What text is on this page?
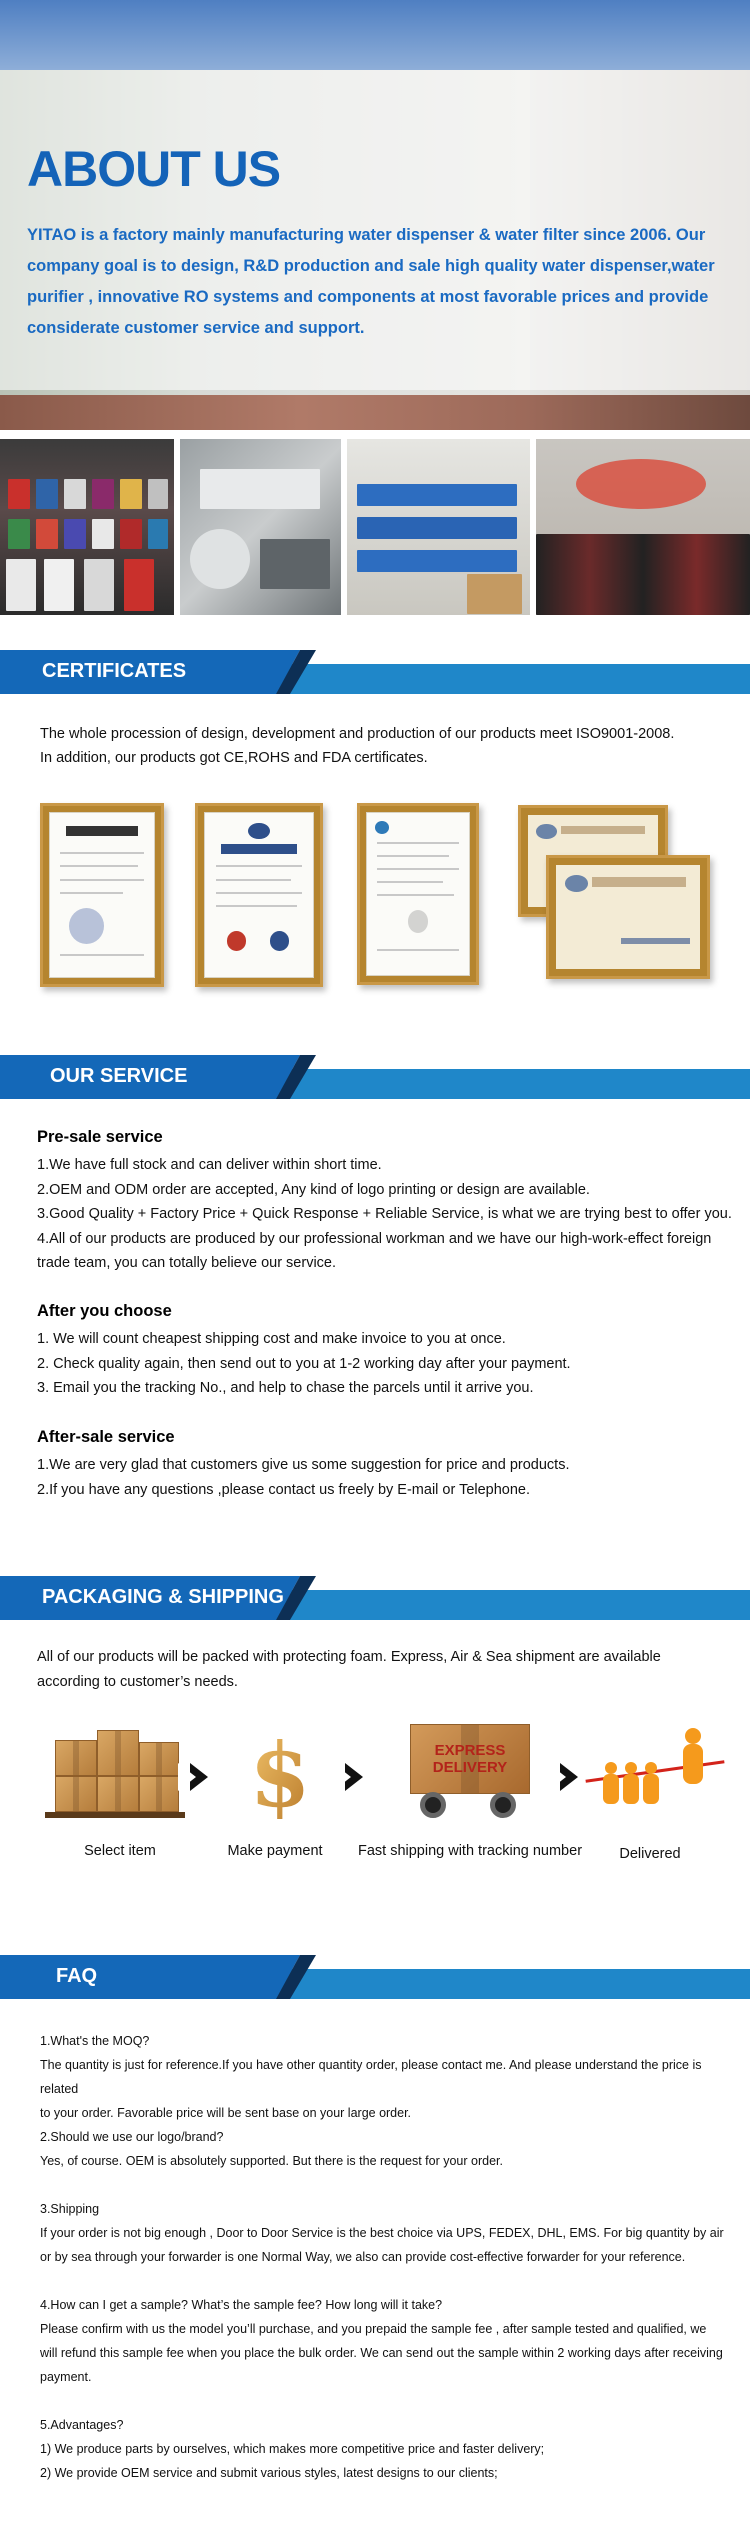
ABOUT US

YITAO is a factory mainly manufacturing water dispenser & water filter since 2006. Our company goal is to design, R&D production and sale high quality water dispenser,water purifier , innovative RO systems and components at most favorable prices and provide considerate customer service and support.

CERTIFICATES
The whole procession of design, development and production of our products meet ISO9001-2008.
In addition, our products got CE,ROHS and FDA certificates.
OUR SERVICE
Pre-sale service
1.We have full stock and can deliver within short time.
2.OEM and ODM order are accepted, Any kind of logo printing or design are available.
3.Good Quality + Factory Price + Quick Response + Reliable Service, is what we are trying best to offer you.
4.All of our products are produced by our professional workman and we have our high-work-effect foreign
trade team, you can totally believe our service.
After you choose
1. We will count cheapest shipping cost and make invoice to you at once.
2. Check quality again, then send out to you at 1-2 working day after your payment.
3. Email you the tracking No., and help to chase the parcels until it arrive you.
After-sale service
1.We are very glad that customers give us some suggestion for price and products.
2.If you have any questions ,please contact us freely by E-mail or Telephone.
PACKAGING & SHIPPING
All of our products will be packed with protecting foam. Express, Air & Sea shipment are available
according to customer’s needs.
$	EXPRESS
DELIVERY
Select item	Make payment	Fast shipping with tracking number	Delivered
FAQ
1.What's the MOQ?
The quantity is just for reference.If you have other quantity order, please contact me. And please understand the price is related
to your order. Favorable price will be sent base on your large order.
2.Should we use our logo/brand?
Yes, of course. OEM is absolutely supported. But there is the request for your order.
3.Shipping
If your order is not big enough , Door to Door Service is the best choice via UPS, FEDEX, DHL, EMS. For big quantity by air
or by sea through your forwarder is one Normal Way, we also can provide cost-effective forwarder for your reference.
4.How can I get a sample? What’s the sample fee? How long will it take?
Please confirm with us the model you’ll purchase, and you prepaid the sample fee , after sample tested and qualified, we
will refund this sample fee when you place the bulk order. We can send out the sample within 2 working days after receiving
payment.
5.Advantages?
1) We produce parts by ourselves, which makes more competitive price and faster delivery;
2) We provide OEM service and submit various styles, latest designs to our clients;
